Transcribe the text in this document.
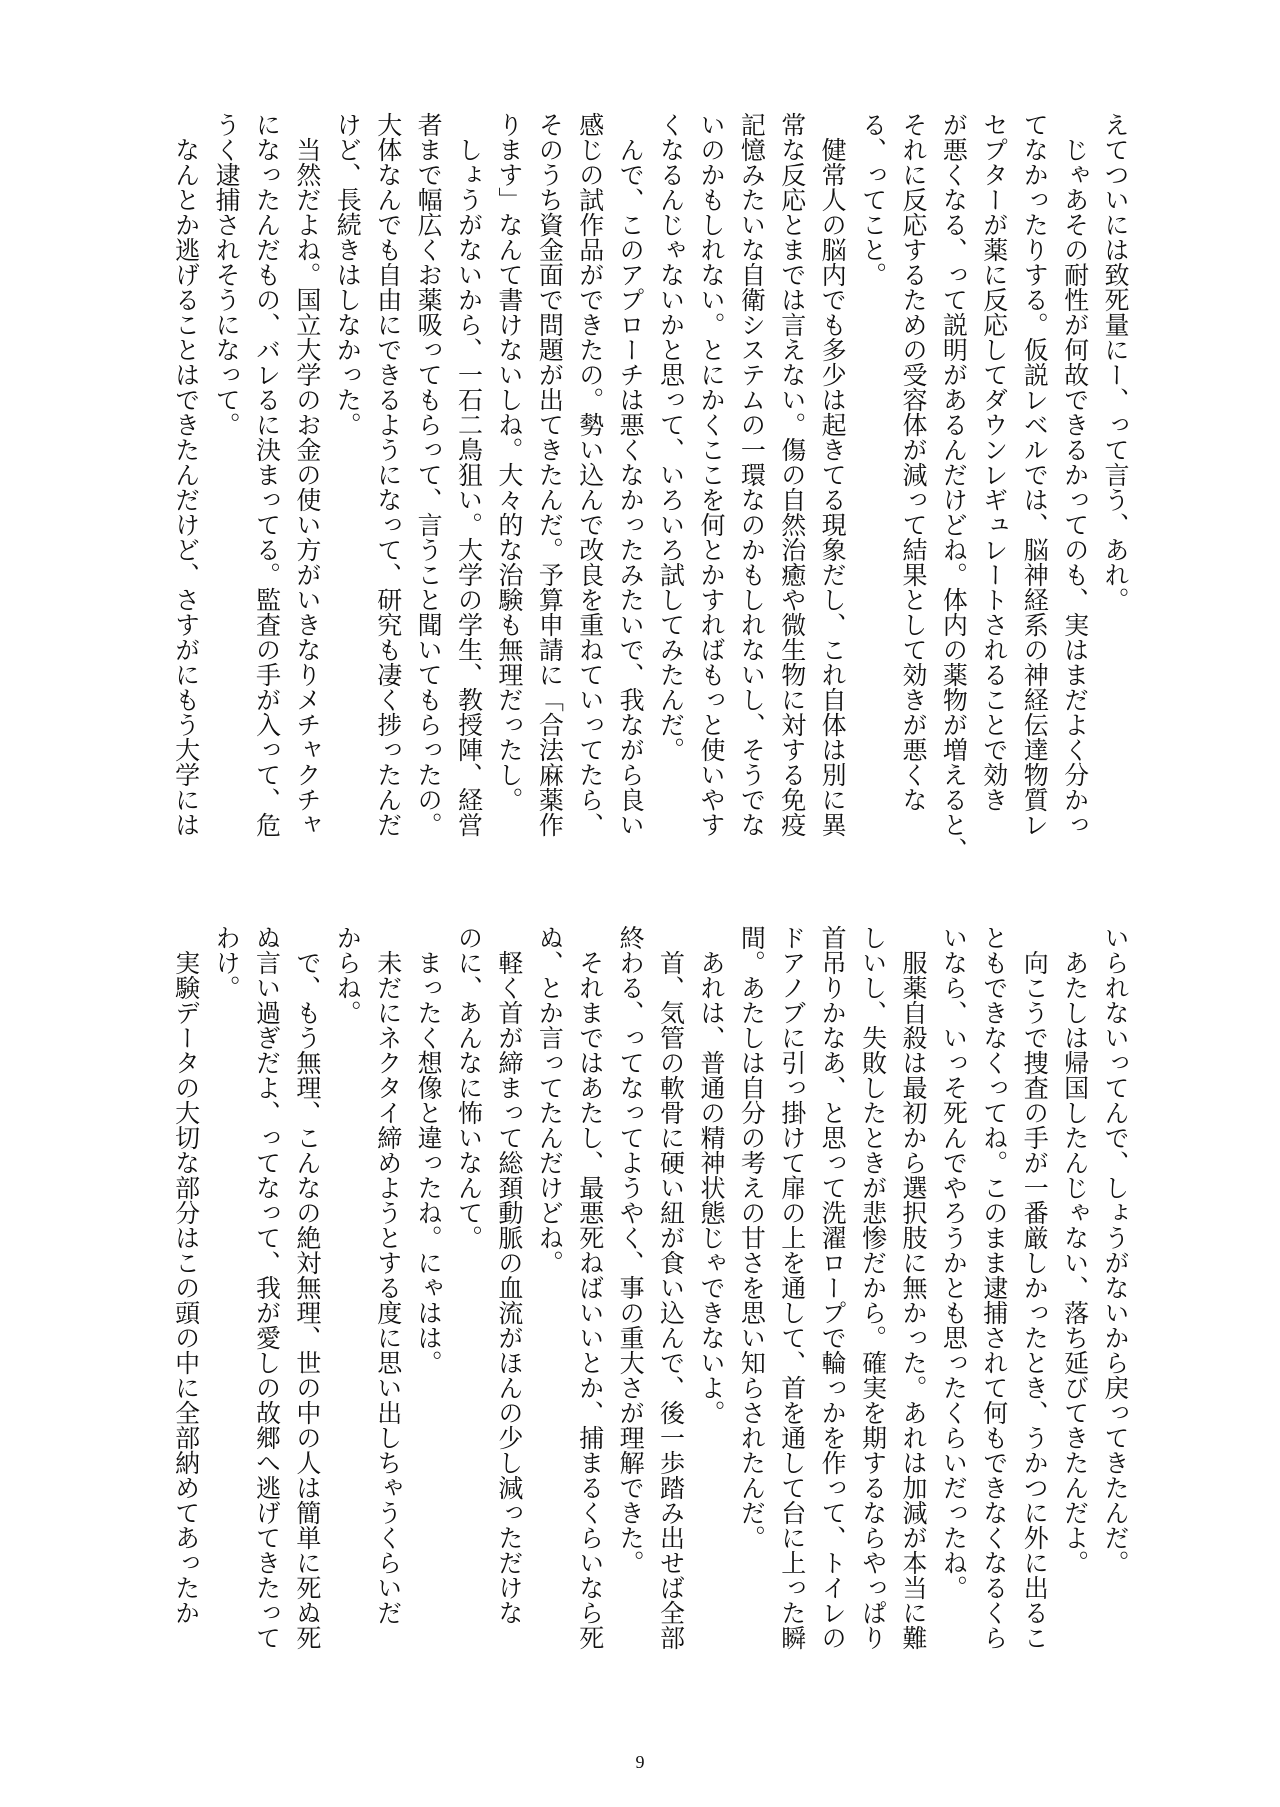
えてついには致死量にー、って言う、あれ。
　じゃあその耐性が何故できるかってのも、実はまだよく分かっ
てなかったりする。仮説レベルでは、脳神経系の神経伝達物質レ
セプターが薬に反応してダウンレギュレートされることで効き
が悪くなる、って説明があるんだけどね。体内の薬物が増えると、
それに反応するための受容体が減って結果として効きが悪くな
る、ってこと。
　健常人の脳内でも多少は起きてる現象だし、これ自体は別に異
常な反応とまでは言えない。傷の自然治癒や微生物に対する免疫
記憶みたいな自衛システムの一環なのかもしれないし、そうでな
いのかもしれない。とにかくここを何とかすればもっと使いやす
くなるんじゃないかと思って、いろいろ試してみたんだ。
　んで、このアプローチは悪くなかったみたいで、我ながら良い
感じの試作品ができたの。勢い込んで改良を重ねていってたら、
そのうち資金面で問題が出てきたんだ。予算申請に「合法麻薬作
ります」なんて書けないしね。大々的な治験も無理だったし。
　しょうがないから、一石二鳥狙い。大学の学生、教授陣、経営
者まで幅広くお薬吸ってもらって、言うこと聞いてもらったの。
大体なんでも自由にできるようになって、研究も凄く捗ったんだ
けど、長続きはしなかった。
　当然だよね。国立大学のお金の使い方がいきなりメチャクチャ
になったんだもの、バレるに決まってる。監査の手が入って、危
うく逮捕されそうになって。
　なんとか逃げることはできたんだけど、さすがにもう大学には
いられないってんで、しょうがないから戻ってきたんだ。
　あたしは帰国したんじゃない、落ち延びてきたんだよ。
　向こうで捜査の手が一番厳しかったとき、うかつに外に出るこ
ともできなくってね。このまま逮捕されて何もできなくなるくら
いなら、いっそ死んでやろうかとも思ったくらいだったね。
　服薬自殺は最初から選択肢に無かった。あれは加減が本当に難
しいし、失敗したときが悲惨だから。確実を期するならやっぱり
首吊りかなあ、と思って洗濯ロープで輪っかを作って、トイレの
ドアノブに引っ掛けて扉の上を通して、首を通して台に上った瞬
間。あたしは自分の考えの甘さを思い知らされたんだ。
　あれは、普通の精神状態じゃできないよ。
　首、気管の軟骨に硬い紐が食い込んで、後一歩踏み出せば全部
終わる、ってなってようやく、事の重大さが理解できた。
　それまではあたし、最悪死ねばいいとか、捕まるくらいなら死
ぬ、とか言ってたんだけどね。
　軽く首が締まって総頚動脈の血流がほんの少し減っただけな
のに、あんなに怖いなんて。
　まったく想像と違ったね。にゃはは。
　未だにネクタイ締めようとする度に思い出しちゃうくらいだ
からね。
　で、もう無理、こんなの絶対無理、世の中の人は簡単に死ぬ死
ぬ言い過ぎだよ、ってなって、我が愛しの故郷へ逃げてきたって
わけ。
　実験データの大切な部分はこの頭の中に全部納めてあったか
9
